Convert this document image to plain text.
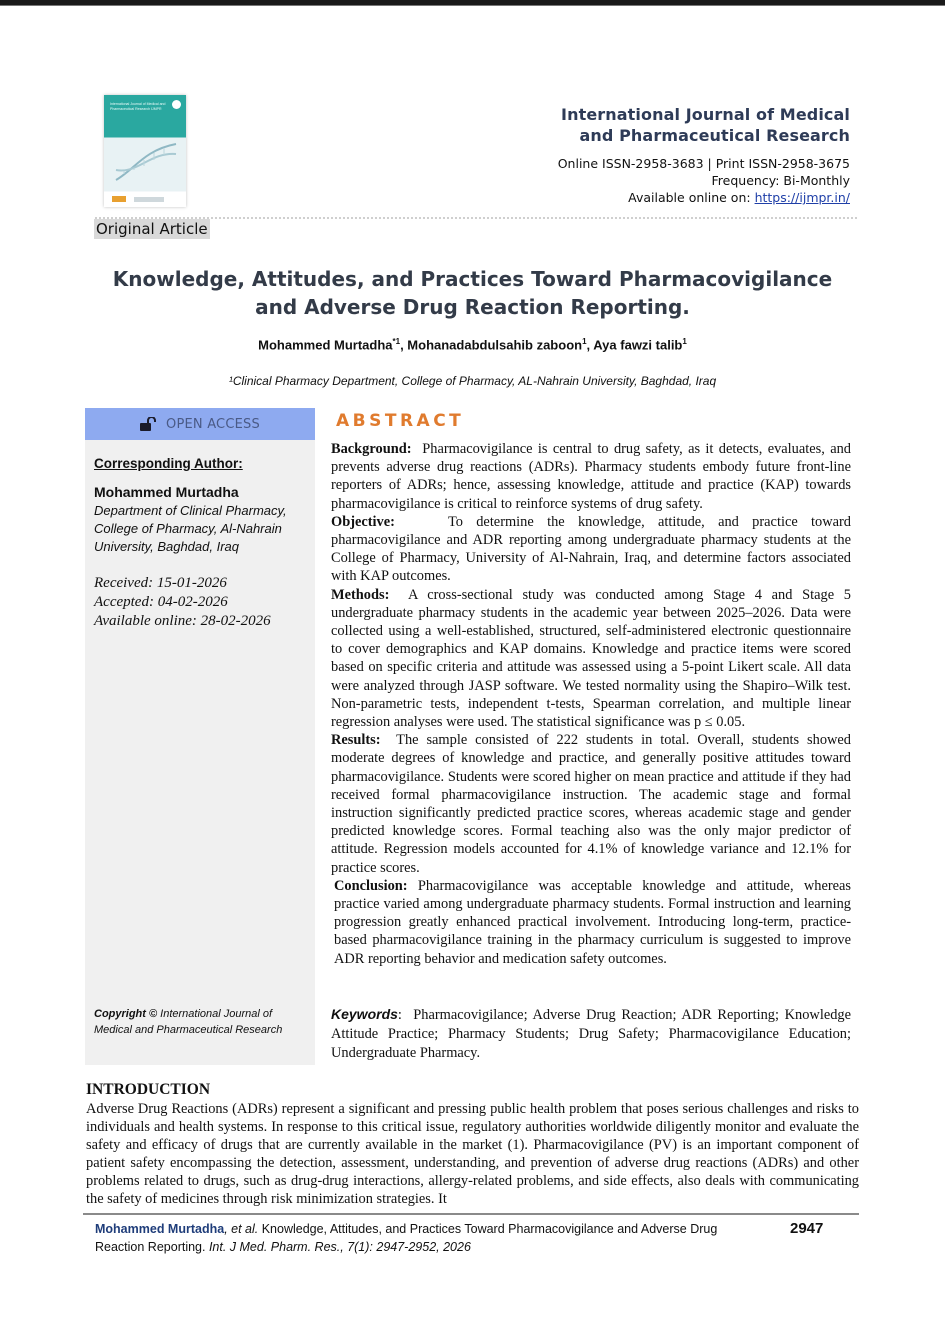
International Journal of Medical and Pharmaceutical Research IJMPR	International Journal of Medical
and Pharmaceutical Research
Online ISSN-2958-3683 | Print ISSN-2958-3675
Frequency: Bi-Monthly
Available online on: https://ijmpr.in/
Original Article
Knowledge, Attitudes, and Practices Toward Pharmacovigilance and Adverse Drug Reaction Reporting.
Mohammed Murtadha$^{*1}$, Mohanadabdulsahib zaboon$^1$, Aya fawzi talib$^1$
¹Clinical Pharmacy Department, College of Pharmacy, AL-Nahrain University, Baghdad, Iraq
OPEN ACCESS
Corresponding Author:
Mohammed Murtadha
Department of Clinical Pharmacy, College of Pharmacy, Al-Nahrain University, Baghdad, Iraq
Received: 15-01-2026
Accepted: 04-02-2026
Available online: 28-02-2026
Copyright © International Journal of Medical and Pharmaceutical Research
ABSTRACT

Background: Pharmacovigilance is central to drug safety, as it detects, evaluates, and prevents adverse drug reactions (ADRs). Pharmacy students embody future front-line reporters of ADRs; hence, assessing knowledge, attitude and practice (KAP) towards pharmacovigilance is critical to reinforce systems of drug safety.

Objective:	To determine the knowledge, attitude, and practice toward pharmacovigilance and ADR reporting among undergraduate pharmacy students at the College of Pharmacy, University of Al-Nahrain, Iraq, and determine factors associated with KAP outcomes.

Methods: A cross-sectional study was conducted among Stage 4 and Stage 5 undergraduate pharmacy students in the academic year between 2025–2026. Data were collected using a well-established, structured, self-administered electronic questionnaire to cover demographics and KAP domains. Knowledge and practice items were scored based on specific criteria and attitude was assessed using a 5-point Likert scale. All data were analyzed through JASP software. We tested normality using the Shapiro–Wilk test. Non-parametric tests, independent t-tests, Spearman correlation, and multiple linear regression analyses were used. The statistical significance was p ≤ 0.05.

Results: The sample consisted of 222 students in total. Overall, students showed moderate degrees of knowledge and practice, and generally positive attitudes toward pharmacovigilance. Students were scored higher on mean practice and attitude if they had received formal pharmacovigilance instruction. The academic stage and formal instruction significantly predicted practice scores, whereas academic stage and gender predicted knowledge scores. Formal teaching also was the only major predictor of attitude. Regression models accounted for 4.1% of knowledge variance and 12.1% for practice scores.

Conclusion: Pharmacovigilance was acceptable knowledge and attitude, whereas practice varied among undergraduate pharmacy students. Formal instruction and learning progression greatly enhanced practical involvement. Introducing long-term, practice-based pharmacovigilance training in the pharmacy curriculum is suggested to improve ADR reporting behavior and medication safety outcomes.

Keywords:  Pharmacovigilance; Adverse Drug Reaction; ADR Reporting; Knowledge Attitude Practice; Pharmacy Students; Drug Safety; Pharmacovigilance Education; Undergraduate Pharmacy.
INTRODUCTION
Adverse Drug Reactions (ADRs) represent a significant and pressing public health problem that poses serious challenges and risks to individuals and health systems. In response to this critical issue, regulatory authorities worldwide diligently monitor and evaluate the safety and efficacy of drugs that are currently available in the market (1). Pharmacovigilance (PV) is an important component of patient safety encompassing the detection, assessment, understanding, and prevention of adverse drug reactions (ADRs) and other problems related to drugs, such as drug-drug interactions, allergy-related problems, and side effects, also deals with communicating the safety of medicines through risk minimization strategies. It
Mohammed Murtadha, et al. Knowledge, Attitudes, and Practices Toward Pharmacovigilance and Adverse Drug Reaction Reporting. Int. J Med. Pharm. Res., 7(1): 2947-2952, 2026
2947
